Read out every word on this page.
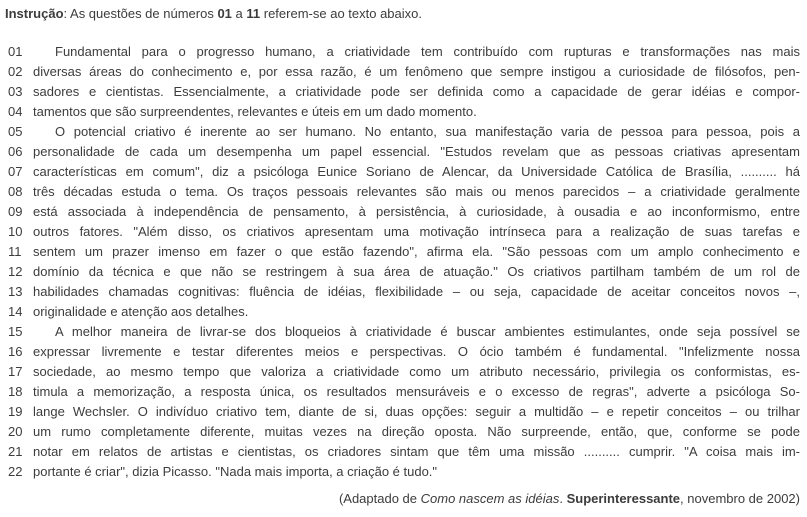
Instrução: As questões de números 01 a 11 referem-se ao texto abaixo.
01	Fundamental para o progresso humano, a criatividade tem contribuído com rupturas e transformações nas mais
02 diversas áreas do conhecimento e, por essa razão, é um fenômeno que sempre instigou a curiosidade de filósofos, pen-
03 sadores e cientistas. Essencialmente, a criatividade pode ser definida como a capacidade de gerar idéias e compor-
04 tamentos que são surpreendentes, relevantes e úteis em um dado momento.
05	O potencial criativo é inerente ao ser humano. No entanto, sua manifestação varia de pessoa para pessoa, pois a
06 personalidade de cada um desempenha um papel essencial. "Estudos revelam que as pessoas criativas apresentam
07 características em comum", diz a psicóloga Eunice Soriano de Alencar, da Universidade Católica de Brasília, .......... há
08 três décadas estuda o tema. Os traços pessoais relevantes são mais ou menos parecidos – a criatividade geralmente
09 está associada à independência de pensamento, à persistência, à curiosidade, à ousadia e ao inconformismo, entre
10 outros fatores. "Além disso, os criativos apresentam uma motivação intrínseca para a realização de suas tarefas e
11 sentem um prazer imenso em fazer o que estão fazendo", afirma ela. "São pessoas com um amplo conhecimento e
12 domínio da técnica e que não se restringem à sua área de atuação." Os criativos partilham também de um rol de
13 habilidades chamadas cognitivas: fluência de idéias, flexibilidade – ou seja, capacidade de aceitar conceitos novos –,
14 originalidade e atenção aos detalhes.
15	A melhor maneira de livrar-se dos bloqueios à criatividade é buscar ambientes estimulantes, onde seja possível se
16 expressar livremente e testar diferentes meios e perspectivas. O ócio também é fundamental. "Infelizmente nossa
17 sociedade, ao mesmo tempo que valoriza a criatividade como um atributo necessário, privilegia os conformistas, es-
18 timula a memorização, a resposta única, os resultados mensuráveis e o excesso de regras", adverte a psicóloga So-
19 lange Wechsler. O indivíduo criativo tem, diante de si, duas opções: seguir a multidão – e repetir conceitos – ou trilhar
20 um rumo completamente diferente, muitas vezes na direção oposta. Não surpreende, então, que, conforme se pode
21 notar em relatos de artistas e cientistas, os criadores sintam que têm uma missão .......... cumprir. "A coisa mais im-
22 portante é criar", dizia Picasso. "Nada mais importa, a criação é tudo."
(Adaptado de Como nascem as idéias. Superinteressante, novembro de 2002)
